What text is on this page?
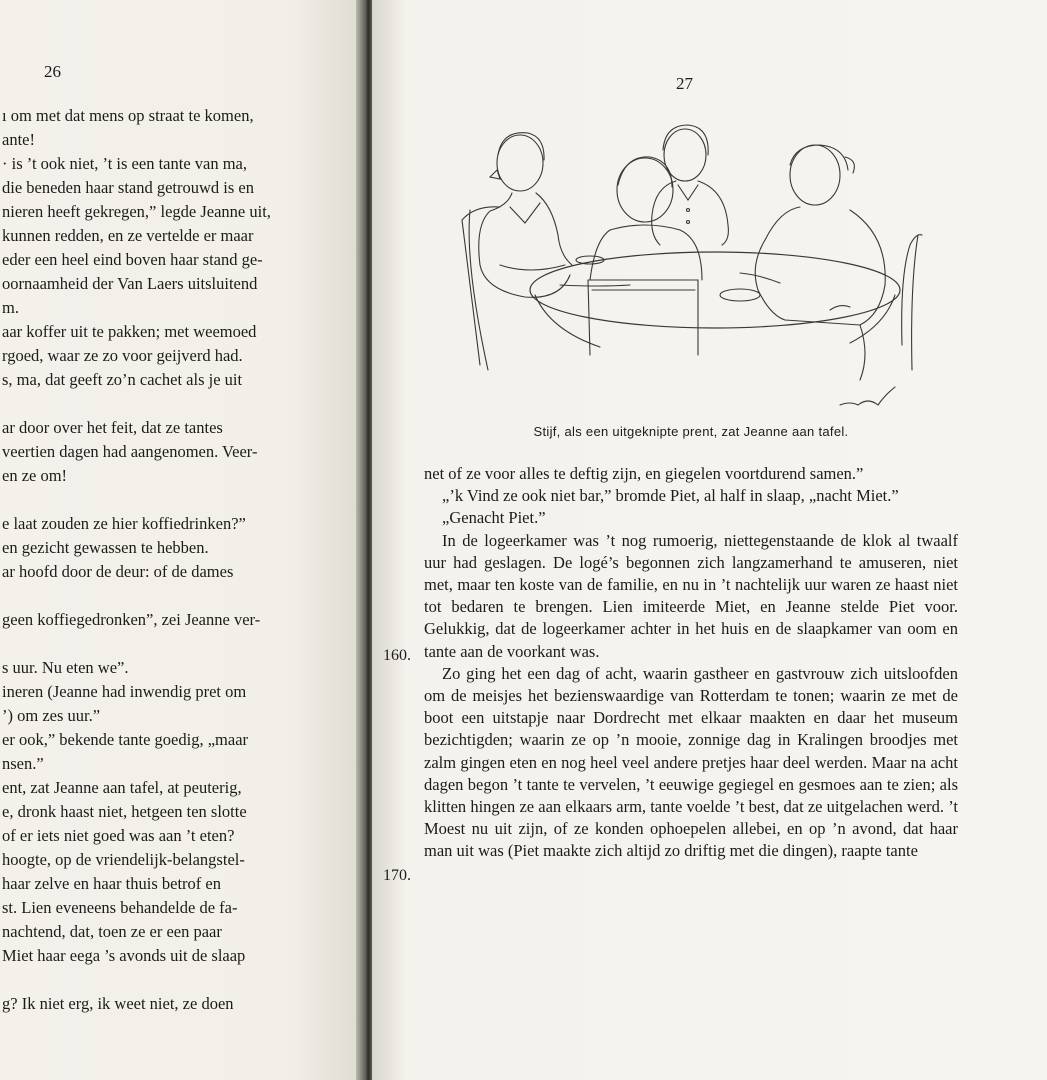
26
ı om met dat mens op straat te komen,
ante!
· is ’t ook niet, ’t is een tante van ma,
die beneden haar stand getrouwd is en
nieren heeft gekregen,” legde Jeanne uit,
kunnen redden, en ze vertelde er maar
eder een heel eind boven haar stand ge-
oornaamheid der Van Laers uitsluitend
m.
aar koffer uit te pakken; met weemoed
rgoed, waar ze zo voor geijverd had.
s, ma, dat geeft zo’n cachet als je uit

ar door over het feit, dat ze tantes
veertien dagen had aangenomen. Veer-
en ze om!

e laat zouden ze hier koffiedrinken?”
en gezicht gewassen te hebben.
ar hoofd door de deur: of de dames

geen koffiegedronken”, zei Jeanne ver-

s uur. Nu eten we”.
ineren (Jeanne had inwendig pret om
’) om zes uur.”
er ook,” bekende tante goedig, „maar
nsen.”
ent, zat Jeanne aan tafel, at peuterig,
e, dronk haast niet, hetgeen ten slotte
of er iets niet goed was aan ’t eten?
hoogte, op de vriendelijk-belangstel-
haar zelve en haar thuis betrof en
st. Lien eveneens behandelde de fa-
nachtend, dat, toen ze er een paar
Miet haar eega ’s avonds uit de slaap

g? Ik niet erg, ik weet niet, ze doen
27
Stijf, als een uitgeknipte prent, zat Jeanne aan tafel.

net of ze voor alles te deftig zijn, en giegelen voortdurend samen.”

„’k Vind ze ook niet bar,” bromde Piet, al half in slaap, „nacht Miet.”

„Genacht Piet.”

In de logeerkamer was ’t nog rumoerig, niettegenstaande de klok al twaalf uur had geslagen. De logé’s begonnen zich langzamerhand te amuseren, niet met, maar ten koste van de familie, en nu in ’t nachtelijk uur waren ze haast niet tot bedaren te brengen. Lien imiteerde Miet, en Jeanne stelde Piet voor. Gelukkig, dat de logeerkamer achter in het huis en de slaapkamer van oom en tante aan de voorkant was.

Zo ging het een dag of acht, waarin gastheer en gastvrouw zich uitsloofden om de meisjes het bezienswaardige van Rotterdam te tonen; waarin ze met de boot een uitstapje naar Dordrecht met elkaar maakten en daar het museum bezichtigden; waarin ze op ’n mooie, zonnige dag in Kralingen broodjes met zalm gingen eten en nog heel veel andere pretjes haar deel werden. Maar na acht dagen begon ’t tante te vervelen, ’t eeuwige gegiegel en gesmoes aan te zien; als klitten hingen ze aan elkaars arm, tante voelde ’t best, dat ze uitgelachen werd. ’t Moest nu uit zijn, of ze konden ophoepelen allebei, en op ’n avond, dat haar man uit was (Piet maakte zich altijd zo driftig met die dingen), raapte tante

160.
170.
